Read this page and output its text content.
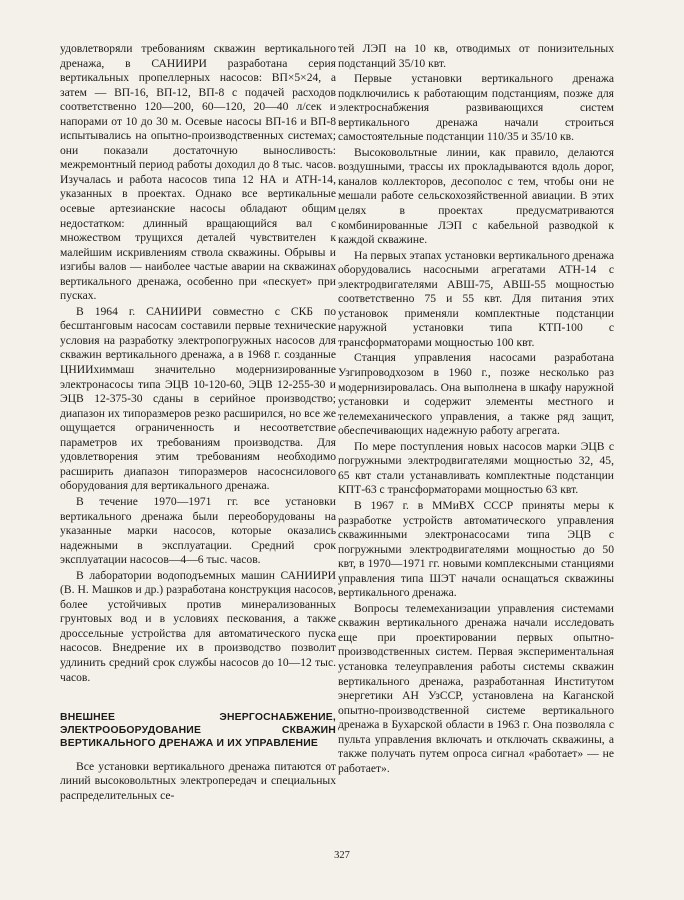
удовлетворяли требованиям скважин вертикального дренажа, в САНИИРИ разработана серия вертикальных пропеллерных насосов: ВП×5×24, а затем — ВП-16, ВП-12, ВП-8 с подачей расходов соответственно 120—200, 60—120, 20—40 л/сек и напорами от 10 до 30 м. Осевые насосы ВП-16 и ВП-8 испытывались на опытно-производственных системах; они показали достаточную выносливость: межремонтный период работы доходил до 8 тыс. часов. Изучалась и работа насосов типа 12 НА и АТН-14, указанных в проектах. Однако все вертикальные осевые артезианские насосы обладают общим недостатком: длинный вращающийся вал с множеством трущихся деталей чувствителен к малейшим искривлениям ствола скважины. Обрывы и изгибы валов — наиболее частые аварии на скважинах вертикального дренажа, особенно при «пескует» при пусках.

В 1964 г. САНИИРИ совместно с СКБ по бесштанговым насосам составили первые технические условия на разработку электропогружных насосов для скважин вертикального дренажа, а в 1968 г. созданные ЦНИИхиммаш значительно модернизированные электронасосы типа ЭЦВ 10-120-60, ЭЦВ 12-255-30 и ЭЦВ 12-375-30 сданы в серийное производство; диапазон их типоразмеров резко расширился, но все же ощущается ограниченность и несоответствие параметров их требованиям производства. Для удовлетворения этим требованиям необходимо расширить диапазон типоразмеров насоснсилового оборудования для вертикального дренажа.

В течение 1970—1971 гг. все установки вертикального дренажа были переоборудованы на указанные марки насосов, которые оказались надежными в эксплуатации. Средний срок эксплуатации насосов—4—6 тыс. часов.

В лаборатории водоподъемных машин САНИИРИ (В. Н. Машков и др.) разработана конструкция насосов, более устойчивых против минерализованных грунтовых вод и в условиях пескования, а также дроссельные устройства для автоматического пуска насосов. Внедрение их в производство позволит удлинить средний срок службы насосов до 10—12 тыс. часов.

ВНЕШНЕЕ ЭНЕРГОСНАБЖЕНИЕ, ЭЛЕКТРООБОРУДОВАНИЕ СКВАЖИН ВЕРТИКАЛЬНОГО ДРЕНАЖА И ИХ УПРАВЛЕНИЕ

Все установки вертикального дренажа питаются от линий высоковольтных электропередач и специальных распределительных се-

тей ЛЭП на 10 кв, отводимых от понизительных подстанций 35/10 квт.

Первые установки вертикального дренажа подключились к работающим подстанциям, позже для электроснабжения развивающихся систем вертикального дренажа начали строиться самостоятельные подстанции 110/35 и 35/10 кв.

Высоковольтные линии, как правило, делаются воздушными, трассы их прокладываются вдоль дорог, каналов коллекторов, десополос с тем, чтобы они не мешали работе сельскохозяйственной авиации. В этих целях в проектах предусматриваются комбинированные ЛЭП с кабельной разводкой к каждой скважине.

На первых этапах установки вертикального дренажа оборудовались насосными агрегатами АТН-14 с электродвигателями АВШ-75, АВШ-55 мощностью соответственно 75 и 55 квт. Для питания этих установок применяли комплектные подстанции наружной установки типа КТП-100 с трансформаторами мощностью 100 квт.

Станция управления насосами разработана Узгипроводхозом в 1960 г., позже несколько раз модернизировалась. Она выполнена в шкафу наружной установки и содержит элементы местного и телемеханического управления, а также ряд защит, обеспечивающих надежную работу агрегата.

По мере поступления новых насосов марки ЭЦВ с погружными электродвигателями мощностью 32, 45, 65 квт стали устанавливать комплектные подстанции КПТ-63 с трансформаторами мощностью 63 квт.

В 1967 г. в ММиВХ СССР приняты меры к разработке устройств автоматического управления скважинными электронасосами типа ЭЦВ с погружными электродвигателями мощностью до 50 квт, в 1970—1971 гг. новыми комплексными станциями управления типа ШЭТ начали оснащаться скважины вертикального дренажа.

Вопросы телемеханизации управления системами скважин вертикального дренажа начали исследовать еще при проектировании первых опытно-производственных систем. Первая экспериментальная установка телеуправления работы системы скважин вертикального дренажа, разработанная Институтом энергетики АН УзССР, установлена на Каганской опытно-производственной системе вертикального дренажа в Бухарской области в 1963 г. Она позволяла с пульта управления включать и отключать скважины, а также получать путем опроса сигнал «работает» — не работает».

327
